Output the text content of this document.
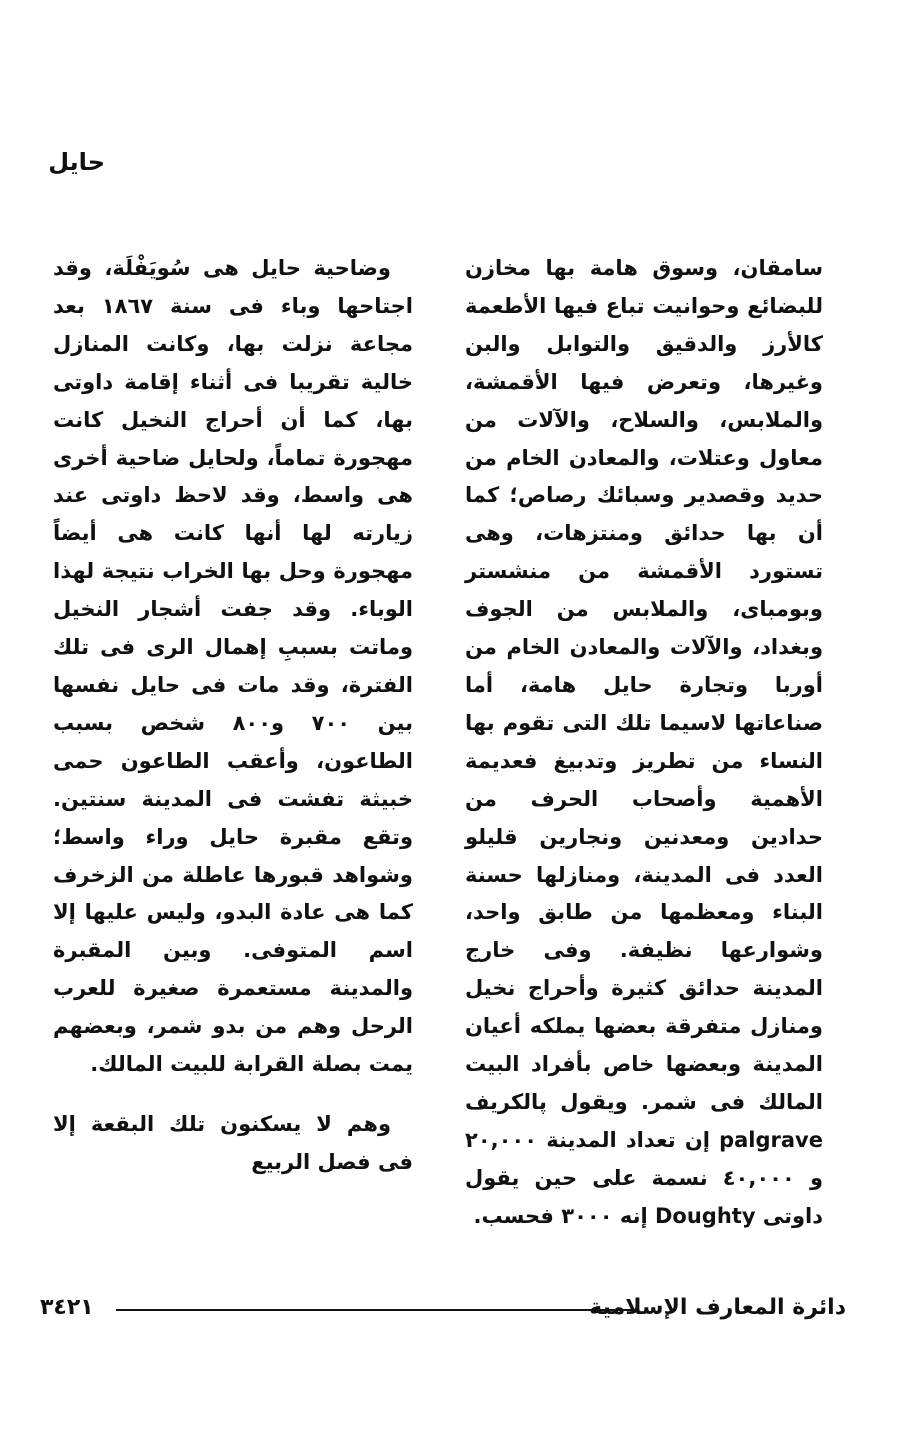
حايل

سامقان، وسوق هامة بها مخازن للبضائع وحوانيت تباع فيها الأطعمة كالأرز والدقيق والتوابل والبن وغيرها، وتعرض فيها الأقمشة، والملابس، والسلاح، والآلات من معاول وعتلات، والمعادن الخام من حديد وقصدير وسبائك رصاص؛ كما أن بها حدائق ومنتزهات، وهى تستورد الأقمشة من منشستر وبومباى، والملابس من الجوف وبغداد، والآلات والمعادن الخام من أوربا وتجارة حايل هامة، أما صناعاتها لاسيما تلك التى تقوم بها النساء من تطريز وتدبيغ فعديمة الأهمية وأصحاب الحرف من حدادين ومعدنين ونجارين قليلو العدد فى المدينة، ومنازلها حسنة البناء ومعظمها من طابق واحد، وشوارعها نظيفة. وفى خارج المدينة حدائق كثيرة وأحراج نخيل ومنازل متفرقة بعضها يملكه أعيان المدينة وبعضها خاص بأفراد البيت المالك فى شمر. ويقول پالكريف palgrave إن تعداد المدينة ٢٠,٠٠٠ و ٤٠,٠٠٠ نسمة على حين يقول داوتى Doughty إنه ٣٠٠٠ فحسب.

وضاحية حايل هى سُويَفْلَة، وقد اجتاحها وباء فى سنة ١٨٦٧ بعد مجاعة نزلت بها، وكانت المنازل خالية تقريبا فى أثناء إقامة داوتى بها، كما أن أحراج النخيل كانت مهجورة تماماً، ولحايل ضاحية أخرى هى واسط، وقد لاحظ داوتى عند زيارته لها أنها كانت هى أيضاً مهجورة وحل بها الخراب نتيجة لهذا الوباء. وقد جفت أشجار النخيل وماتت بسببِ إهمال الرى فى تلك الفترة، وقد مات فى حايل نفسها بين ٧٠٠ و٨٠٠ شخص بسبب الطاعون، وأعقب الطاعون حمى خبيثة تفشت فى المدينة سنتين. وتقع مقبرة حايل وراء واسط؛ وشواهد قبورها عاطلة من الزخرف كما هى عادة البدو، وليس عليها إلا اسم المتوفى. وبين المقبرة والمدينة مستعمرة صغيرة للعرب الرحل وهم من بدو شمر، وبعضهم يمت بصلة القرابة للبيت المالك.

وهم لا يسكنون تلك البقعة إلا فى فصل الربيع

دائرة المعارف الإسلامية
٣٤٢١
